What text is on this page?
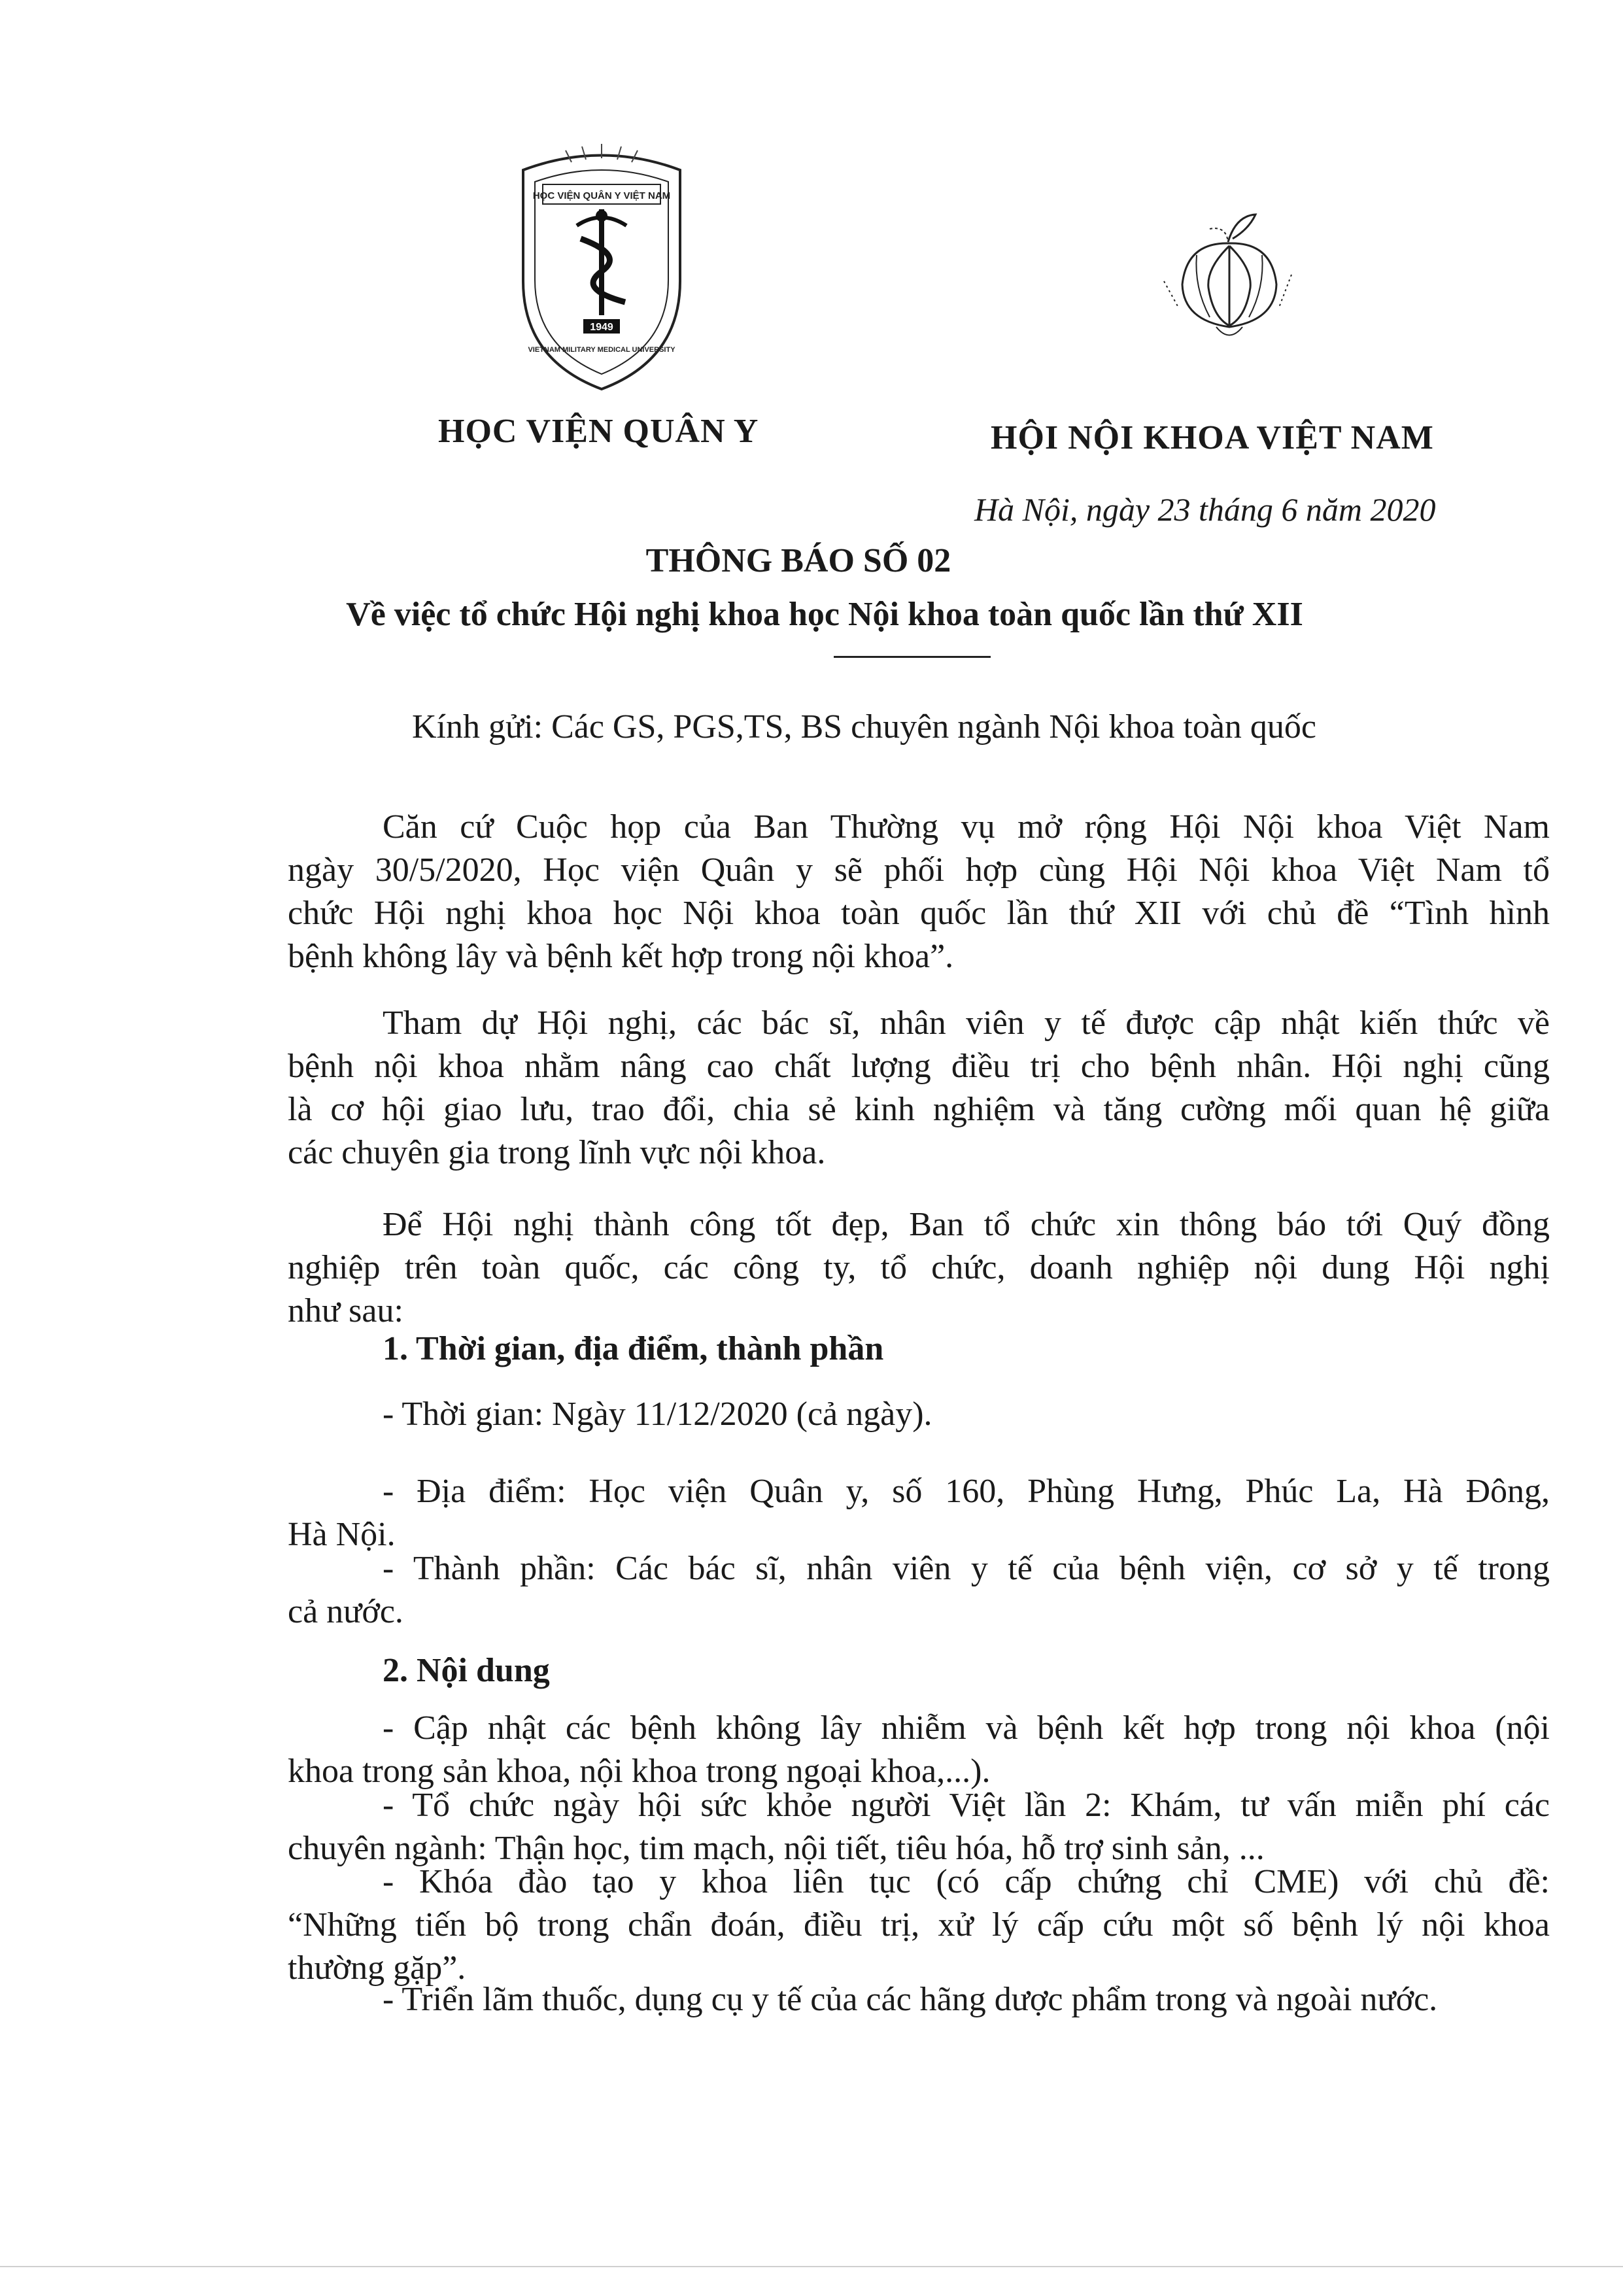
HỌC VIỆN QUÂN Y VIỆT NAM
VIETNAM MILITARY MEDICAL UNIVERSITY
1949
HỌC VIỆN QUÂN Y	HỘI NỘI KHOA VIỆT NAM
Hà Nội, ngày 23 tháng 6 năm 2020
THÔNG BÁO SỐ 02
Về việc tổ chức Hội nghị khoa học Nội khoa toàn quốc lần thứ XII
Kính gửi: Các GS, PGS,TS, BS chuyên ngành Nội khoa toàn quốc
Căn cứ Cuộc họp của Ban Thường vụ mở rộng Hội Nội khoa Việt Nam
ngày 30/5/2020, Học viện Quân y sẽ phối hợp cùng Hội Nội khoa Việt Nam tổ
chức Hội nghị khoa học Nội khoa toàn quốc lần thứ XII với chủ đề “Tình hình
bệnh không lây và bệnh kết hợp trong nội khoa”.
Tham dự Hội nghị, các bác sĩ, nhân viên y tế được cập nhật kiến thức về
bệnh nội khoa nhằm nâng cao chất lượng điều trị cho bệnh nhân. Hội nghị cũng
là cơ hội giao lưu, trao đổi, chia sẻ kinh nghiệm và tăng cường mối quan hệ giữa
các chuyên gia trong lĩnh vực nội khoa.
Để Hội nghị thành công tốt đẹp, Ban tổ chức xin thông báo tới Quý đồng
nghiệp trên toàn quốc, các công ty, tổ chức, doanh nghiệp nội dung Hội nghị
như sau:
1. Thời gian, địa điểm, thành phần
- Thời gian: Ngày 11/12/2020 (cả ngày).
- Địa điểm: Học viện Quân y, số 160, Phùng Hưng, Phúc La, Hà Đông,
Hà Nội.
- Thành phần: Các bác sĩ, nhân viên y tế của bệnh viện, cơ sở y tế trong
cả nước.
2. Nội dung
- Cập nhật các bệnh không lây nhiễm và bệnh kết hợp trong nội khoa (nội
khoa trong sản khoa, nội khoa trong ngoại khoa,...).
- Tổ chức ngày hội sức khỏe người Việt lần 2: Khám, tư vấn miễn phí các
chuyên ngành: Thận học, tim mạch, nội tiết, tiêu hóa, hỗ trợ sinh sản, ...
- Khóa đào tạo y khoa liên tục (có cấp chứng chỉ CME) với chủ đề:
“Những tiến bộ trong chẩn đoán, điều trị, xử lý cấp cứu một số bệnh lý nội khoa
thường gặp”.
- Triển lãm thuốc, dụng cụ y tế của các hãng dược phẩm trong và ngoài nước.
